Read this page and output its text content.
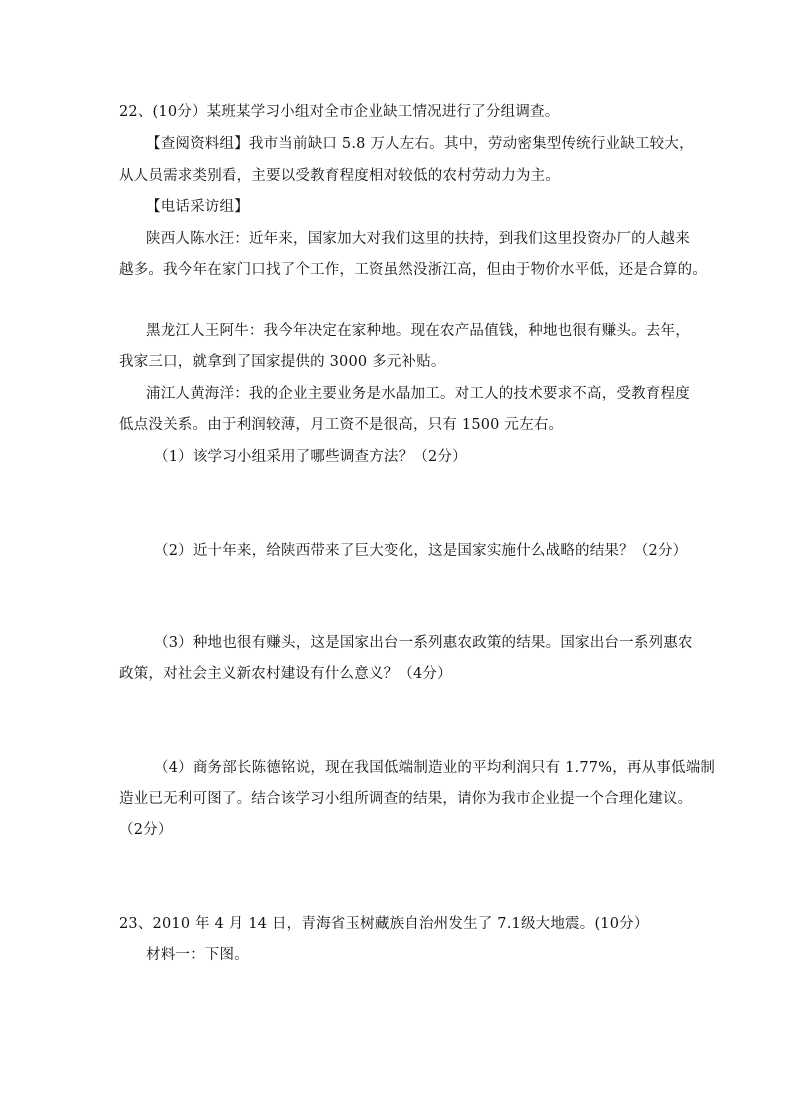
22、(10分）某班某学习小组对全市企业缺工情况进行了分组调查。
【查阅资料组】我市当前缺口 5.8 万人左右。其中，劳动密集型传统行业缺工较大，
从人员需求类别看，主要以受教育程度相对较低的农村劳动力为主。
【电话采访组】
陕西人陈水汪：近年来，国家加大对我们这里的扶持，到我们这里投资办厂的人越来
越多。我今年在家门口找了个工作，工资虽然没浙江高，但由于物价水平低，还是合算的。
黑龙江人王阿牛：我今年决定在家种地。现在农产品值钱，种地也很有赚头。去年，
我家三口，就拿到了国家提供的 3000 多元补贴。
浦江人黄海洋：我的企业主要业务是水晶加工。对工人的技术要求不高，受教育程度
低点没关系。由于利润较薄，月工资不是很高，只有 1500 元左右。
（1）该学习小组采用了哪些调查方法？（2分）
（2）近十年来，给陕西带来了巨大变化，这是国家实施什么战略的结果？（2分）
（3）种地也很有赚头，这是国家出台一系列惠农政策的结果。国家出台一系列惠农
政策，对社会主义新农村建设有什么意义？（4分）
（4）商务部长陈德铭说，现在我国低端制造业的平均利润只有 1.77%，再从事低端制
造业已无利可图了。结合该学习小组所调查的结果，请你为我市企业提一个合理化建议。
（2分）
23、2010 年 4 月 14 日，青海省玉树藏族自治州发生了 7.1级大地震。(10分）
材料一：下图。
